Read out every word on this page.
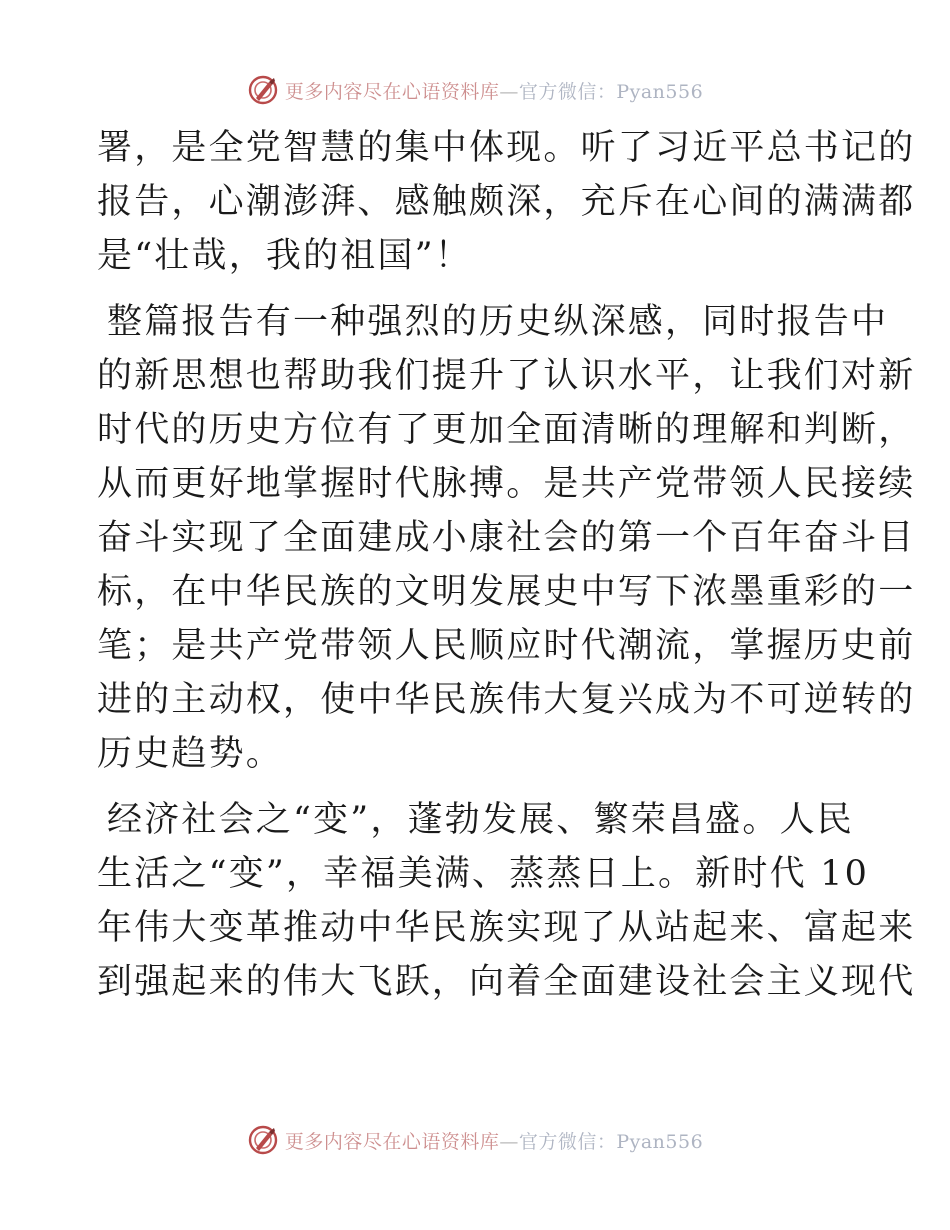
更多内容尽在心语资料库—官方微信：Pyan556
署，是全党智慧的集中体现。听了习近平总书记的
报告，心潮澎湃、感触颇深，充斥在心间的满满都
是“壮哉，我的祖国”！
整篇报告有一种强烈的历史纵深感，同时报告中
的新思想也帮助我们提升了认识水平，让我们对新
时代的历史方位有了更加全面清晰的理解和判断，
从而更好地掌握时代脉搏。是共产党带领人民接续
奋斗实现了全面建成小康社会的第一个百年奋斗目
标，在中华民族的文明发展史中写下浓墨重彩的一
笔；是共产党带领人民顺应时代潮流，掌握历史前
进的主动权，使中华民族伟大复兴成为不可逆转的
历史趋势。
经济社会之“变”，蓬勃发展、繁荣昌盛。人民
生活之“变”，幸福美满、蒸蒸日上。新时代 10
年伟大变革推动中华民族实现了从站起来、富起来
到强起来的伟大飞跃，向着全面建设社会主义现代
更多内容尽在心语资料库—官方微信：Pyan556
